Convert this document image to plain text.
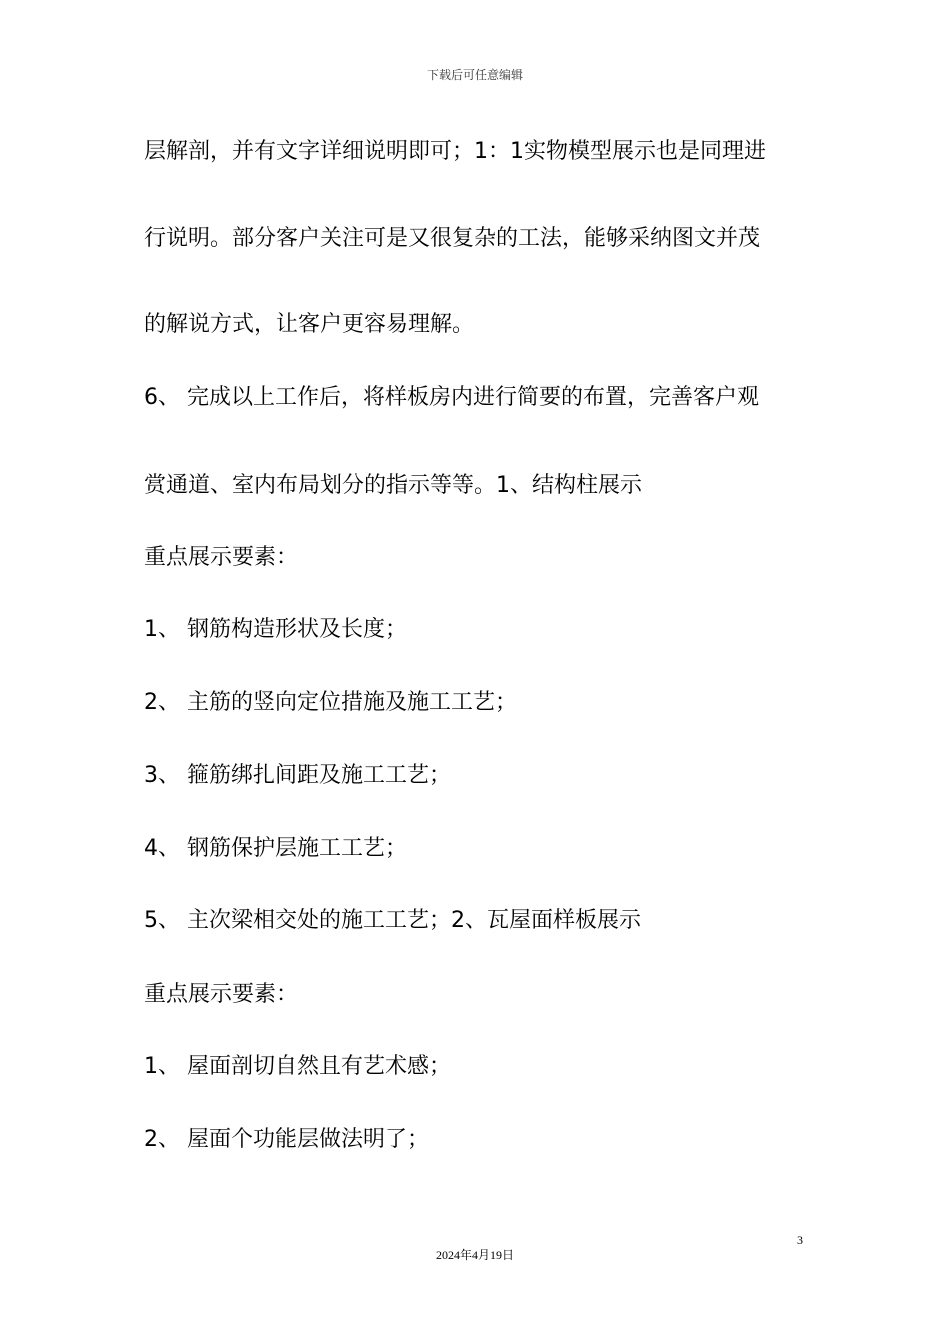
下载后可任意编辑
层解剖，并有文字详细说明即可；1：1实物模型展示也是同理进
行说明。部分客户关注可是又很复杂的工法，能够采纳图文并茂
的解说方式，让客户更容易理解。
6、 完成以上工作后，将样板房内进行简要的布置，完善客户观
赏通道、室内布局划分的指示等等。1、结构柱展示
重点展示要素：
1、 钢筋构造形状及长度；
2、 主筋的竖向定位措施及施工工艺；
3、 箍筋绑扎间距及施工工艺；
4、 钢筋保护层施工工艺；
5、 主次梁相交处的施工工艺；2、瓦屋面样板展示
重点展示要素：
1、 屋面剖切自然且有艺术感；
2、 屋面个功能层做法明了；
3
2024年4月19日
